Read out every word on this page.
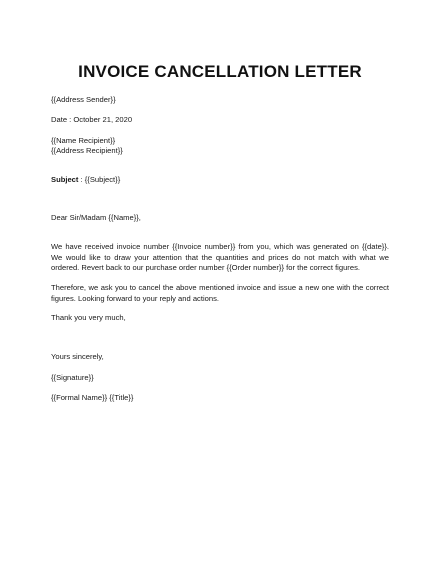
INVOICE CANCELLATION LETTER
{{Address Sender}}
Date : October 21, 2020
{{Name Recipient}}
{{Address Recipient}}
Subject : {{Subject}}
Dear Sir/Madam {{Name}},
We have received invoice number {{Invoice number}} from you, which was generated on {{date}}. We would like to draw your attention that the quantities and prices do not match with what we ordered. Revert back to our purchase order number {{Order number}} for the correct figures.
Therefore, we ask you to cancel the above mentioned invoice and issue a new one with the correct figures. Looking forward to your reply and actions.
Thank you very much,
Yours sincerely,
{{Signature}}
{{Formal Name}} {{Title}}
